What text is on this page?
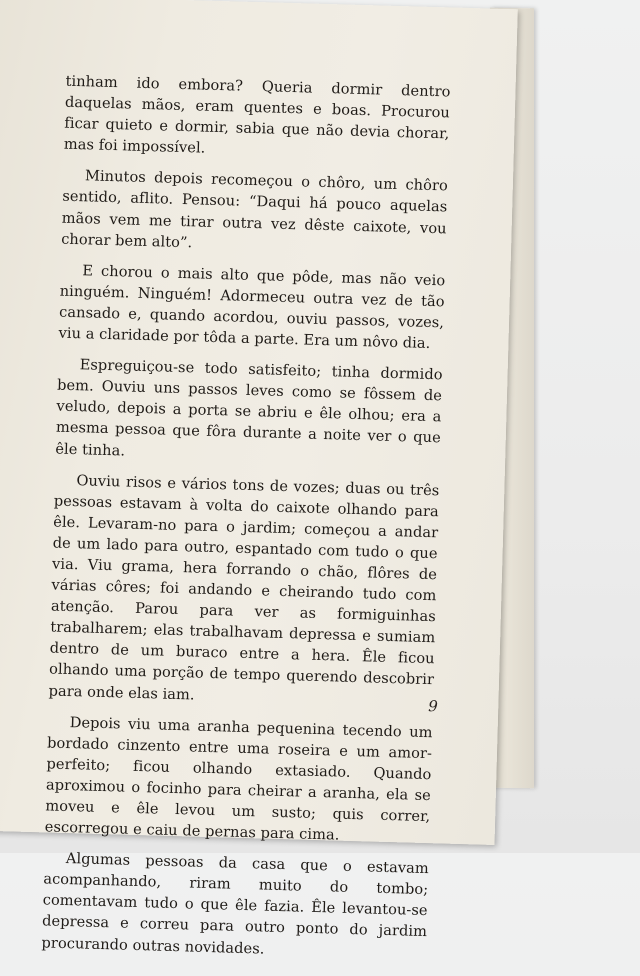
tinham ido embora? Queria dormir dentro daquelas mãos, eram quentes e boas. Procurou ficar quieto e dormir, sabia que não devia chorar, mas foi impossível.

Minutos depois recomeçou o chôro, um chôro sentido, aflito. Pensou: “Daqui há pouco aquelas mãos vem me tirar outra vez dêste caixote, vou chorar bem alto”.

E chorou o mais alto que pôde, mas não veio ninguém. Ninguém! Adormeceu outra vez de tão cansado e, quando acordou, ouviu passos, vozes, viu a claridade por tôda a parte. Era um nôvo dia.

Espreguiçou-se todo satisfeito; tinha dormido bem. Ouviu uns passos leves como se fôssem de veludo, depois a porta se abriu e êle olhou; era a mesma pessoa que fôra durante a noite ver o que êle tinha.

Ouviu risos e vários tons de vozes; duas ou três pessoas estavam à volta do caixote olhando para êle. Levaram-no para o jardim; começou a andar de um lado para outro, espantado com tudo o que via. Viu grama, hera forrando o chão, flôres de várias côres; foi andando e cheirando tudo com atenção. Parou para ver as formiguinhas trabalharem; elas trabalhavam depressa e sumiam dentro de um buraco entre a hera. Êle ficou olhando uma porção de tempo querendo descobrir para onde elas iam.

Depois viu uma aranha pequenina tecendo um bordado cinzento entre uma roseira e um amor-perfeito; ficou olhando extasiado. Quando aproximou o focinho para cheirar a aranha, ela se moveu e êle levou um susto; quis correr, escorregou e caiu de pernas para cima.

Algumas pessoas da casa que o estavam acompanhando, riram muito do tombo; comentavam tudo o que êle fazia. Êle levantou-se depressa e correu para outro ponto do jardim procurando outras novidades.

9
